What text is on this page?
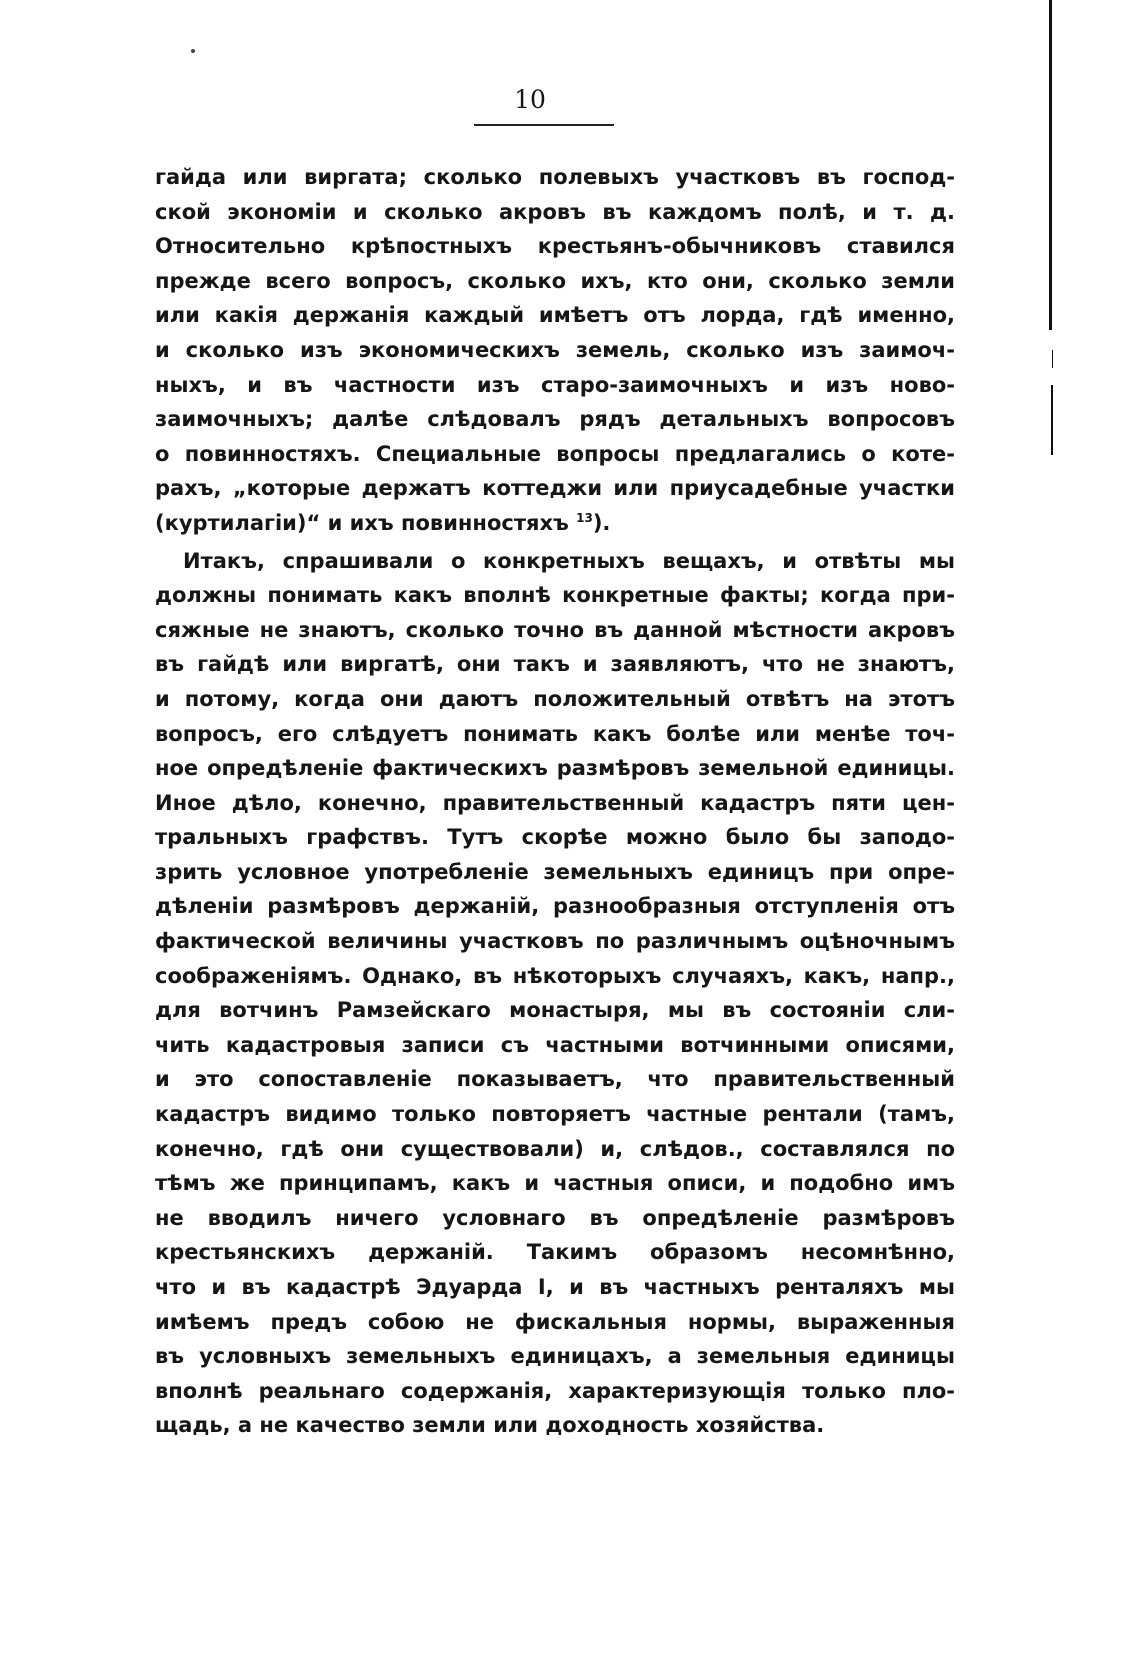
10
гайда или виргата; сколько полевыхъ участковъ въ господ-
ской экономіи и сколько акровъ въ каждомъ полѣ, и т. д.
Относительно крѣпостныхъ крестьянъ-обычниковъ ставился
прежде всего вопросъ, сколько ихъ, кто они, сколько земли
или какія держанія каждый имѣетъ отъ лорда, гдѣ именно,
и сколько изъ экономическихъ земель, сколько изъ заимоч-
ныхъ, и въ частности изъ старо-заимочныхъ и изъ ново-
заимочныхъ; далѣе слѣдовалъ рядъ детальныхъ вопросовъ
о повинностяхъ. Специальные вопросы предлагались о коте-
рахъ, „которые держатъ коттеджи или приусадебные участки
(куртилагіи)“ и ихъ повинностяхъ $^{13}$).
Итакъ, спрашивали о конкретныхъ вещахъ, и отвѣты мы
должны понимать какъ вполнѣ конкретные факты; когда при-
сяжные не знаютъ, сколько точно въ данной мѣстности акровъ
въ гайдѣ или виргатѣ, они такъ и заявляютъ, что не знаютъ,
и потому, когда они даютъ положительный отвѣтъ на этотъ
вопросъ, его слѣдуетъ понимать какъ болѣе или менѣе точ-
ное опредѣленіе фактическихъ размѣровъ земельной единицы.
Иное дѣло, конечно, правительственный кадастръ пяти цен-
тральныхъ графствъ. Тутъ скорѣе можно было бы заподо-
зрить условное употребленіе земельныхъ единицъ при опре-
дѣленіи размѣровъ держаній, разнообразныя отступленія отъ
фактической величины участковъ по различнымъ оцѣночнымъ
соображеніямъ. Однако, въ нѣкоторыхъ случаяхъ, какъ, напр.,
для вотчинъ Рамзейскаго монастыря, мы въ состояніи сли-
чить кадастровыя записи съ частными вотчинными описями,
и это сопоставленіе показываетъ, что правительственный
кадастръ видимо только повторяетъ частные рентали (тамъ,
конечно, гдѣ они существовали) и, слѣдов., составлялся по
тѣмъ же принципамъ, какъ и частныя описи, и подобно имъ
не вводилъ ничего условнаго въ опредѣленіе размѣровъ
крестьянскихъ держаній. Такимъ образомъ несомнѣнно,
что и въ кадастрѣ Эдуарда I, и въ частныхъ ренталяхъ мы
имѣемъ предъ собою не фискальныя нормы, выраженныя
въ условныхъ земельныхъ единицахъ, а земельныя единицы
вполнѣ реальнаго содержанія, характеризующія только пло-
щадь, а не качество земли или доходность хозяйства.
